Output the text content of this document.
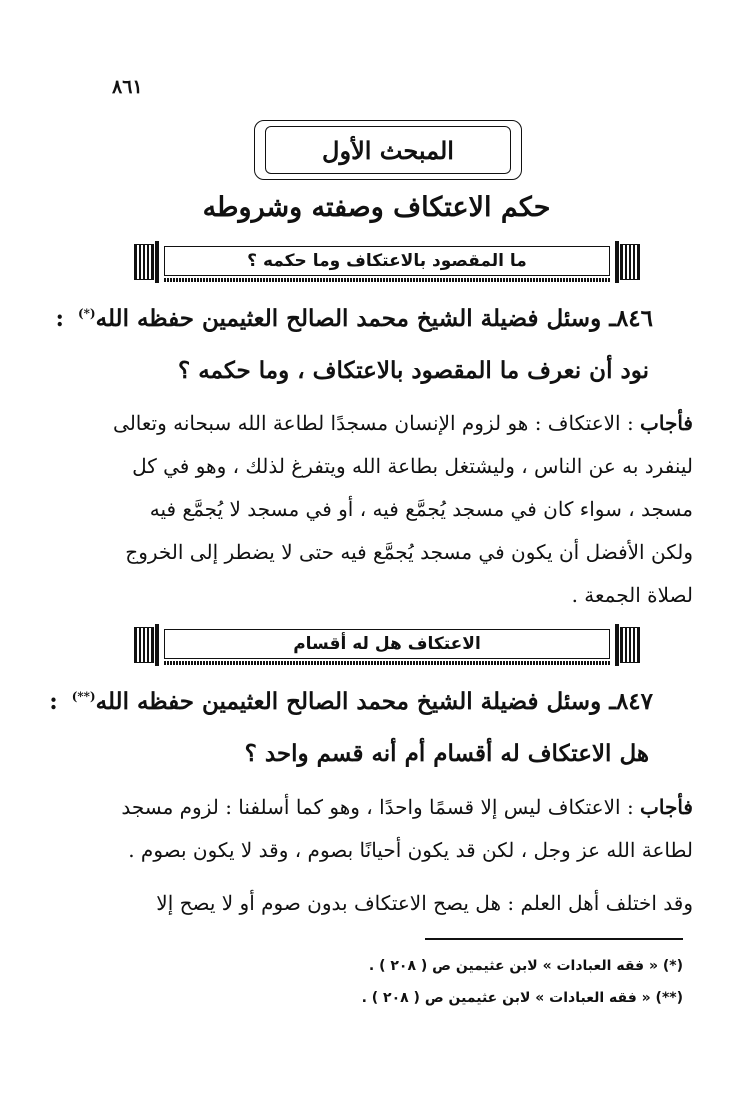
٨٦١
المبحث الأول
حكم الاعتكاف وصفته وشروطه
ما المقصود بالاعتكاف وما حكمه ؟
٨٤٦ـ وسئل فضيلة الشيخ محمد الصالح العثيمين حفظه الله(*):
نود أن نعرف ما المقصود بالاعتكاف ، وما حكمه ؟
فأجاب : الاعتكاف : هو لزوم الإنسان مسجدًا لطاعة الله سبحانه وتعالى
لينفرد به عن الناس ، وليشتغل بطاعة الله ويتفرغ لذلك ، وهو في كل
مسجد ، سواء كان في مسجد يُجمَّع فيه ، أو في مسجد لا يُجمَّع فيه
ولكن الأفضل أن يكون في مسجد يُجمَّع فيه حتى لا يضطر إلى الخروج
لصلاة الجمعة .
الاعتكاف هل له أقسام
٨٤٧ـ وسئل فضيلة الشيخ محمد الصالح العثيمين حفظه الله(**):
هل الاعتكاف له أقسام أم أنه قسم واحد ؟
فأجاب : الاعتكاف ليس إلا قسمًا واحدًا ، وهو كما أسلفنا : لزوم مسجد
لطاعة الله عز وجل ، لكن قد يكون أحيانًا بصوم ، وقد لا يكون بصوم .
وقد اختلف أهل العلم : هل يصح الاعتكاف بدون صوم أو لا يصح إلا
(*) « فقه العبادات » لابن عثيمين ص ( ٢٠٨ ) .
(**) « فقه العبادات » لابن عثيمين ص ( ٢٠٨ ) .
